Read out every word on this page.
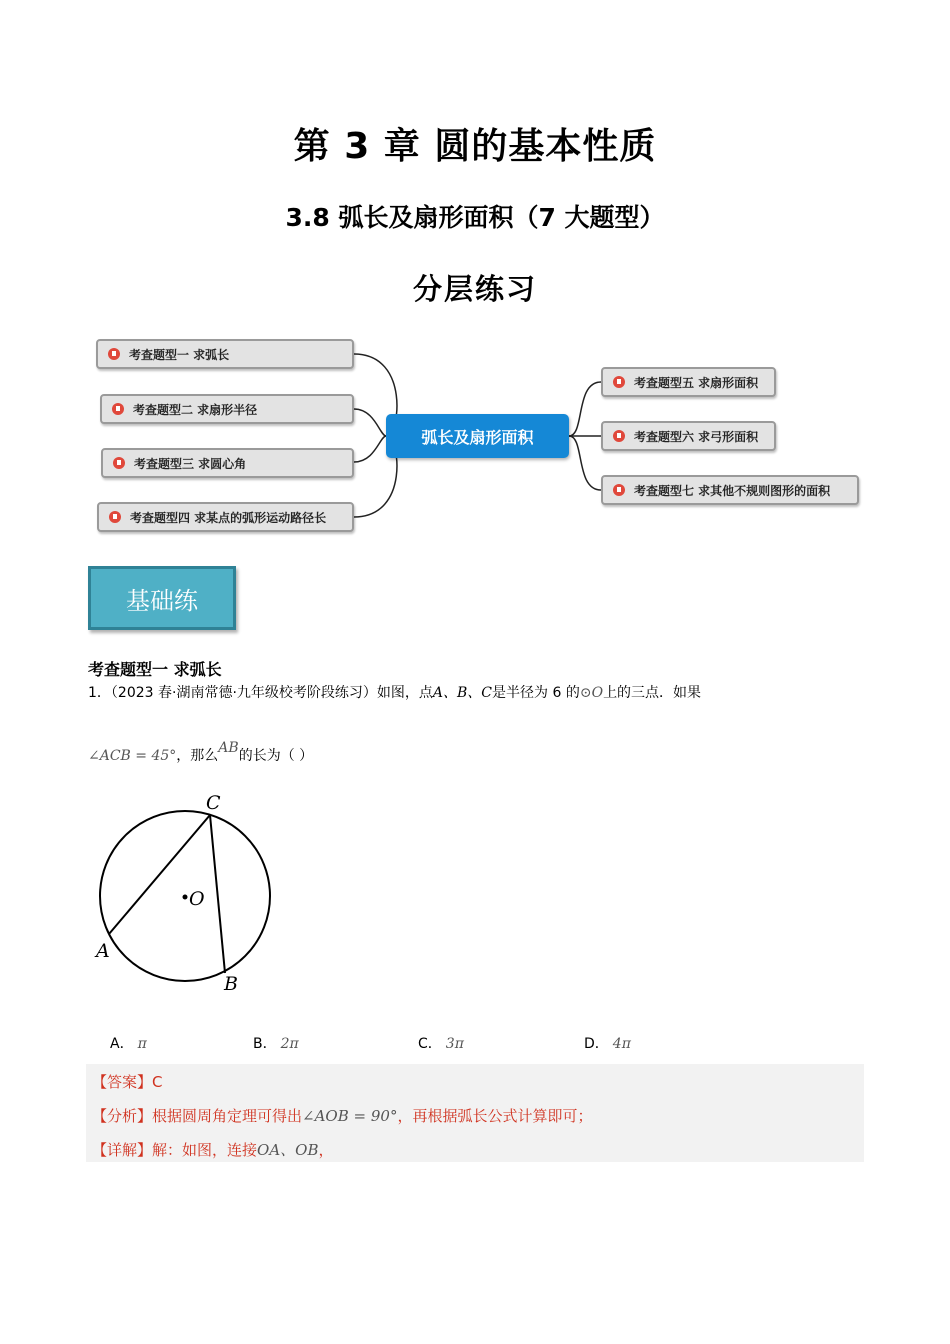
第 3 章 圆的基本性质
3.8 弧长及扇形面积（7 大题型）
分层练习
考查题型一 求弧长
考查题型二 求扇形半径
考查题型三 求圆心角
考查题型四 求某点的弧形运动路径长
弧长及扇形面积
考查题型五 求扇形面积
考查题型六 求弓形面积
考查题型七 求其他不规则图形的面积
基础练
考查题型一 求弧长
1．（2023 春·湖南常德·九年级校考阶段练习）如图，点A、B、C是半径为 6 的⊙O上的三点．如果
∠ACB = 45°，那么AB的长为（ ）
C
O
A
B
A． π	B． 2π	C． 3π	D． 4π
【答案】C
【分析】根据圆周角定理可得出∠AOB = 90°，再根据弧长公式计算即可；
【详解】解：如图，连接OA、OB，
